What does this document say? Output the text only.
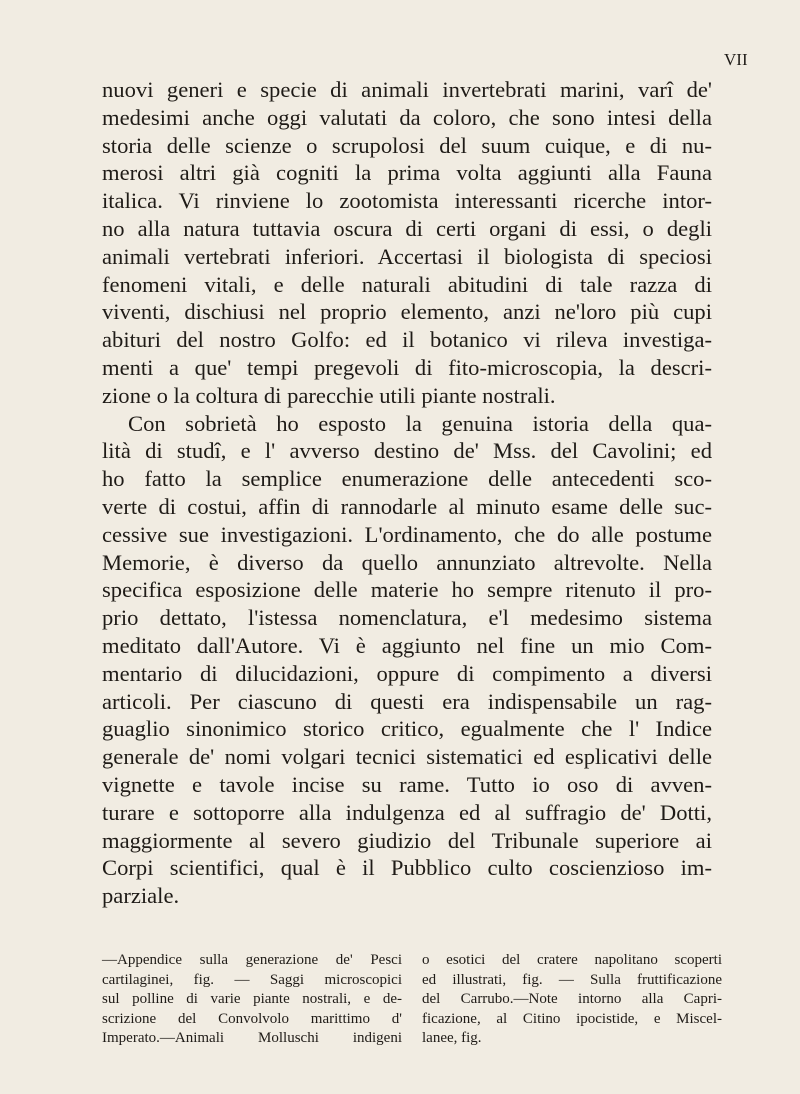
VII
nuovi generi e specie di animali invertebrati marini, varî de'
medesimi anche oggi valutati da coloro, che sono intesi della
storia delle scienze o scrupolosi del suum cuique, e di nu-
merosi altri già cogniti la prima volta aggiunti alla Fauna
italica. Vi rinviene lo zootomista interessanti ricerche intor-
no alla natura tuttavia oscura di certi organi di essi, o degli
animali vertebrati inferiori. Accertasi il biologista di speciosi
fenomeni vitali, e delle naturali abitudini di tale razza di
viventi, dischiusi nel proprio elemento, anzi ne'loro più cupi
abituri del nostro Golfo: ed il botanico vi rileva investiga-
menti a que' tempi pregevoli di fito-microscopia, la descri-
zione o la coltura di parecchie utili piante nostrali.
Con sobrietà ho esposto la genuina istoria della qua-
lità di studî, e l' avverso destino de' Mss. del Cavolini; ed
ho fatto la semplice enumerazione delle antecedenti sco-
verte di costui, affin di rannodarle al minuto esame delle suc-
cessive sue investigazioni. L'ordinamento, che do alle postume
Memorie, è diverso da quello annunziato altrevolte. Nella
specifica esposizione delle materie ho sempre ritenuto il pro-
prio dettato, l'istessa nomenclatura, e'l medesimo sistema
meditato dall'Autore. Vi è aggiunto nel fine un mio Com-
mentario di dilucidazioni, oppure di compimento a diversi
articoli. Per ciascuno di questi era indispensabile un rag-
guaglio sinonimico storico critico, egualmente che l' Indice
generale de' nomi volgari tecnici sistematici ed esplicativi delle
vignette e tavole incise su rame. Tutto io oso di avven-
turare e sottoporre alla indulgenza ed al suffragio de' Dotti,
maggiormente al severo giudizio del Tribunale superiore ai
Corpi scientifici, qual è il Pubblico culto coscienzioso im-
parziale.
—Appendice sulla generazione de' Pesci
cartilaginei, fig. — Saggi microscopici
sul polline di varie piante nostrali, e de-
scrizione del Convolvolo marittimo d'
Imperato.—Animali Molluschi indigeni
o esotici del cratere napolitano scoperti
ed illustrati, fig. — Sulla fruttificazione
del Carrubo.—Note intorno alla Capri-
ficazione, al Citino ipocistide, e Miscel-
lanee, fig.
